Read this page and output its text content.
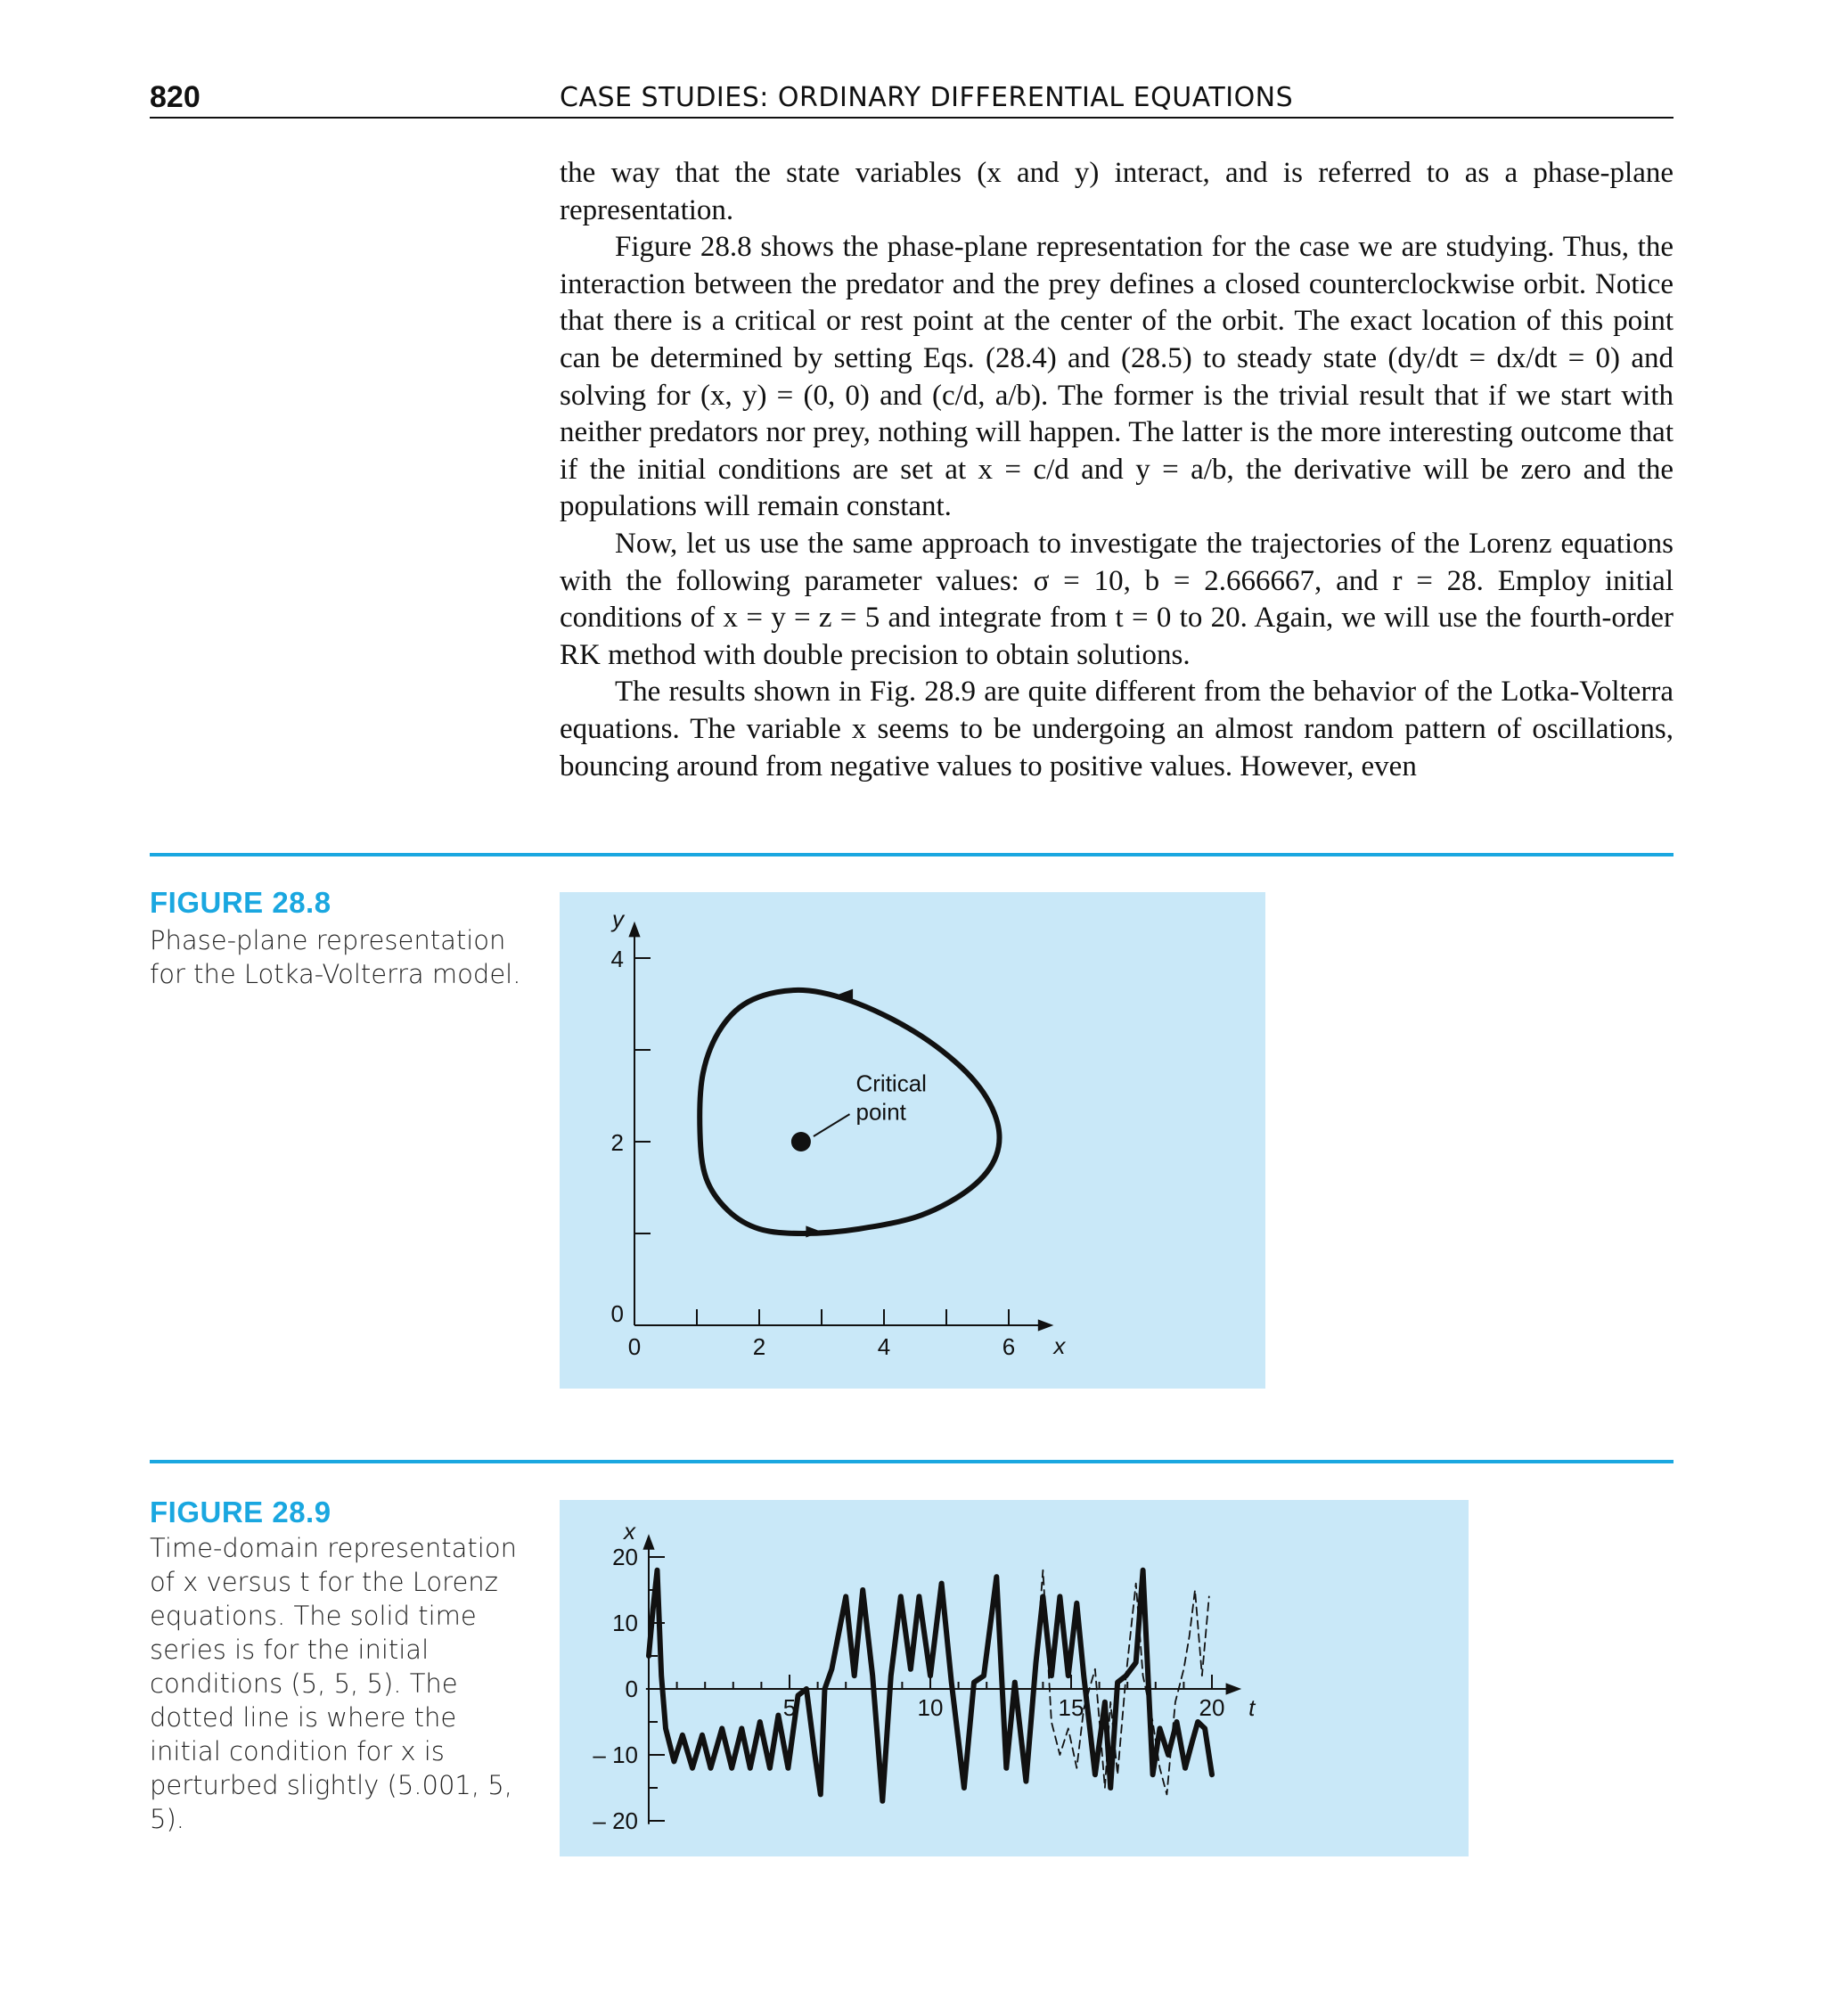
820	CASE STUDIES: ORDINARY DIFFERENTIAL EQUATIONS

the way that the state variables (x and y) interact, and is referred to as a phase-plane representation.

Figure 28.8 shows the phase-plane representation for the case we are studying. Thus, the interaction between the predator and the prey defines a closed counterclockwise orbit. Notice that there is a critical or rest point at the center of the orbit. The exact location of this point can be determined by setting Eqs. (28.4) and (28.5) to steady state (dy/dt = dx/dt = 0) and solving for (x, y) = (0, 0) and (c/d, a/b). The former is the trivial result that if we start with neither predators nor prey, nothing will happen. The latter is the more interesting outcome that if the initial conditions are set at x = c/d and y = a/b, the derivative will be zero and the populations will remain constant.

Now, let us use the same approach to investigate the trajectories of the Lorenz equations with the following parameter values: σ = 10, b = 2.666667, and r = 28. Employ initial conditions of x = y = z = 5 and integrate from t = 0 to 20. Again, we will use the fourth-order RK method with double precision to obtain solutions.

The results shown in Fig. 28.9 are quite different from the behavior of the Lotka-Volterra equations. The variable x seems to be undergoing an almost random pattern of oscillations, bouncing around from negative values to positive values. However, even

FIGURE 28.8
Phase-plane representation for the Lotka-Volterra model.
0	2	4	6
0
2
4
x
y
Critical
point
FIGURE 28.9
Time-domain representation of x versus t for the Lorenz equations. The solid time series is for the initial conditions (5, 5, 5). The dotted line is where the initial condition for x is perturbed slightly (5.001, 5, 5).
5	10	15	20
20
10
0
– 10
– 20
t
x
